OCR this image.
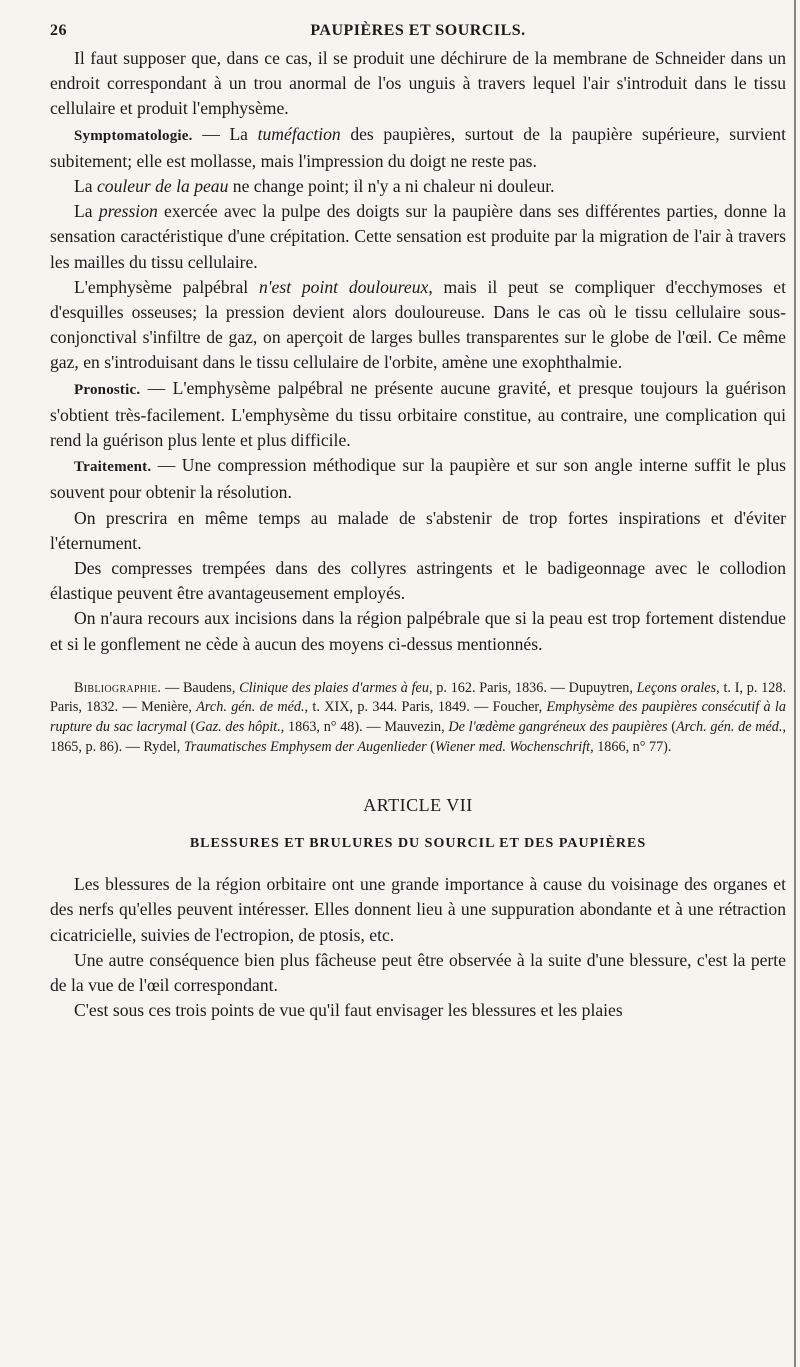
26	PAUPIÈRES ET SOURCILS.

Il faut supposer que, dans ce cas, il se produit une déchirure de la membrane de Schneider dans un endroit correspondant à un trou anormal de l'os unguis à travers lequel l'air s'introduit dans le tissu cellulaire et produit l'emphysème.

Symptomatologie. — La tuméfaction des paupières, surtout de la paupière supérieure, survient subitement; elle est mollasse, mais l'impression du doigt ne reste pas.

La couleur de la peau ne change point; il n'y a ni chaleur ni douleur.

La pression exercée avec la pulpe des doigts sur la paupière dans ses différentes parties, donne la sensation caractéristique d'une crépitation. Cette sensation est produite par la migration de l'air à travers les mailles du tissu cellulaire.

L'emphysème palpébral n'est point douloureux, mais il peut se compliquer d'ecchymoses et d'esquilles osseuses; la pression devient alors douloureuse. Dans le cas où le tissu cellulaire sous-conjonctival s'infiltre de gaz, on aperçoit de larges bulles transparentes sur le globe de l'œil. Ce même gaz, en s'introduisant dans le tissu cellulaire de l'orbite, amène une exophthalmie.

Pronostic. — L'emphysème palpébral ne présente aucune gravité, et presque toujours la guérison s'obtient très-facilement. L'emphysème du tissu orbitaire constitue, au contraire, une complication qui rend la guérison plus lente et plus difficile.

Traitement. — Une compression méthodique sur la paupière et sur son angle interne suffit le plus souvent pour obtenir la résolution.

On prescrira en même temps au malade de s'abstenir de trop fortes inspirations et d'éviter l'éternument.

Des compresses trempées dans des collyres astringents et le badigeonnage avec le collodion élastique peuvent être avantageusement employés.

On n'aura recours aux incisions dans la région palpébrale que si la peau est trop fortement distendue et si le gonflement ne cède à aucun des moyens ci-dessus mentionnés.

Bibliographie. — Baudens, Clinique des plaies d'armes à feu, p. 162. Paris, 1836. — Dupuytren, Leçons orales, t. I, p. 128. Paris, 1832. — Menière, Arch. gén. de méd., t. XIX, p. 344. Paris, 1849. — Foucher, Emphysème des paupières consécutif à la rupture du sac lacrymal (Gaz. des hôpit., 1863, n° 48). — Mauvezin, De l'œdème gangréneux des paupières (Arch. gén. de méd., 1865, p. 86). — Rydel, Traumatisches Emphysem der Augenlieder (Wiener med. Wochenschrift, 1866, n° 77).
ARTICLE VII
BLESSURES ET BRULURES DU SOURCIL ET DES PAUPIÈRES

Les blessures de la région orbitaire ont une grande importance à cause du voisinage des organes et des nerfs qu'elles peuvent intéresser. Elles donnent lieu à une suppuration abondante et à une rétraction cicatricielle, suivies de l'ectropion, de ptosis, etc.

Une autre conséquence bien plus fâcheuse peut être observée à la suite d'une blessure, c'est la perte de la vue de l'œil correspondant.

C'est sous ces trois points de vue qu'il faut envisager les blessures et les plaies
